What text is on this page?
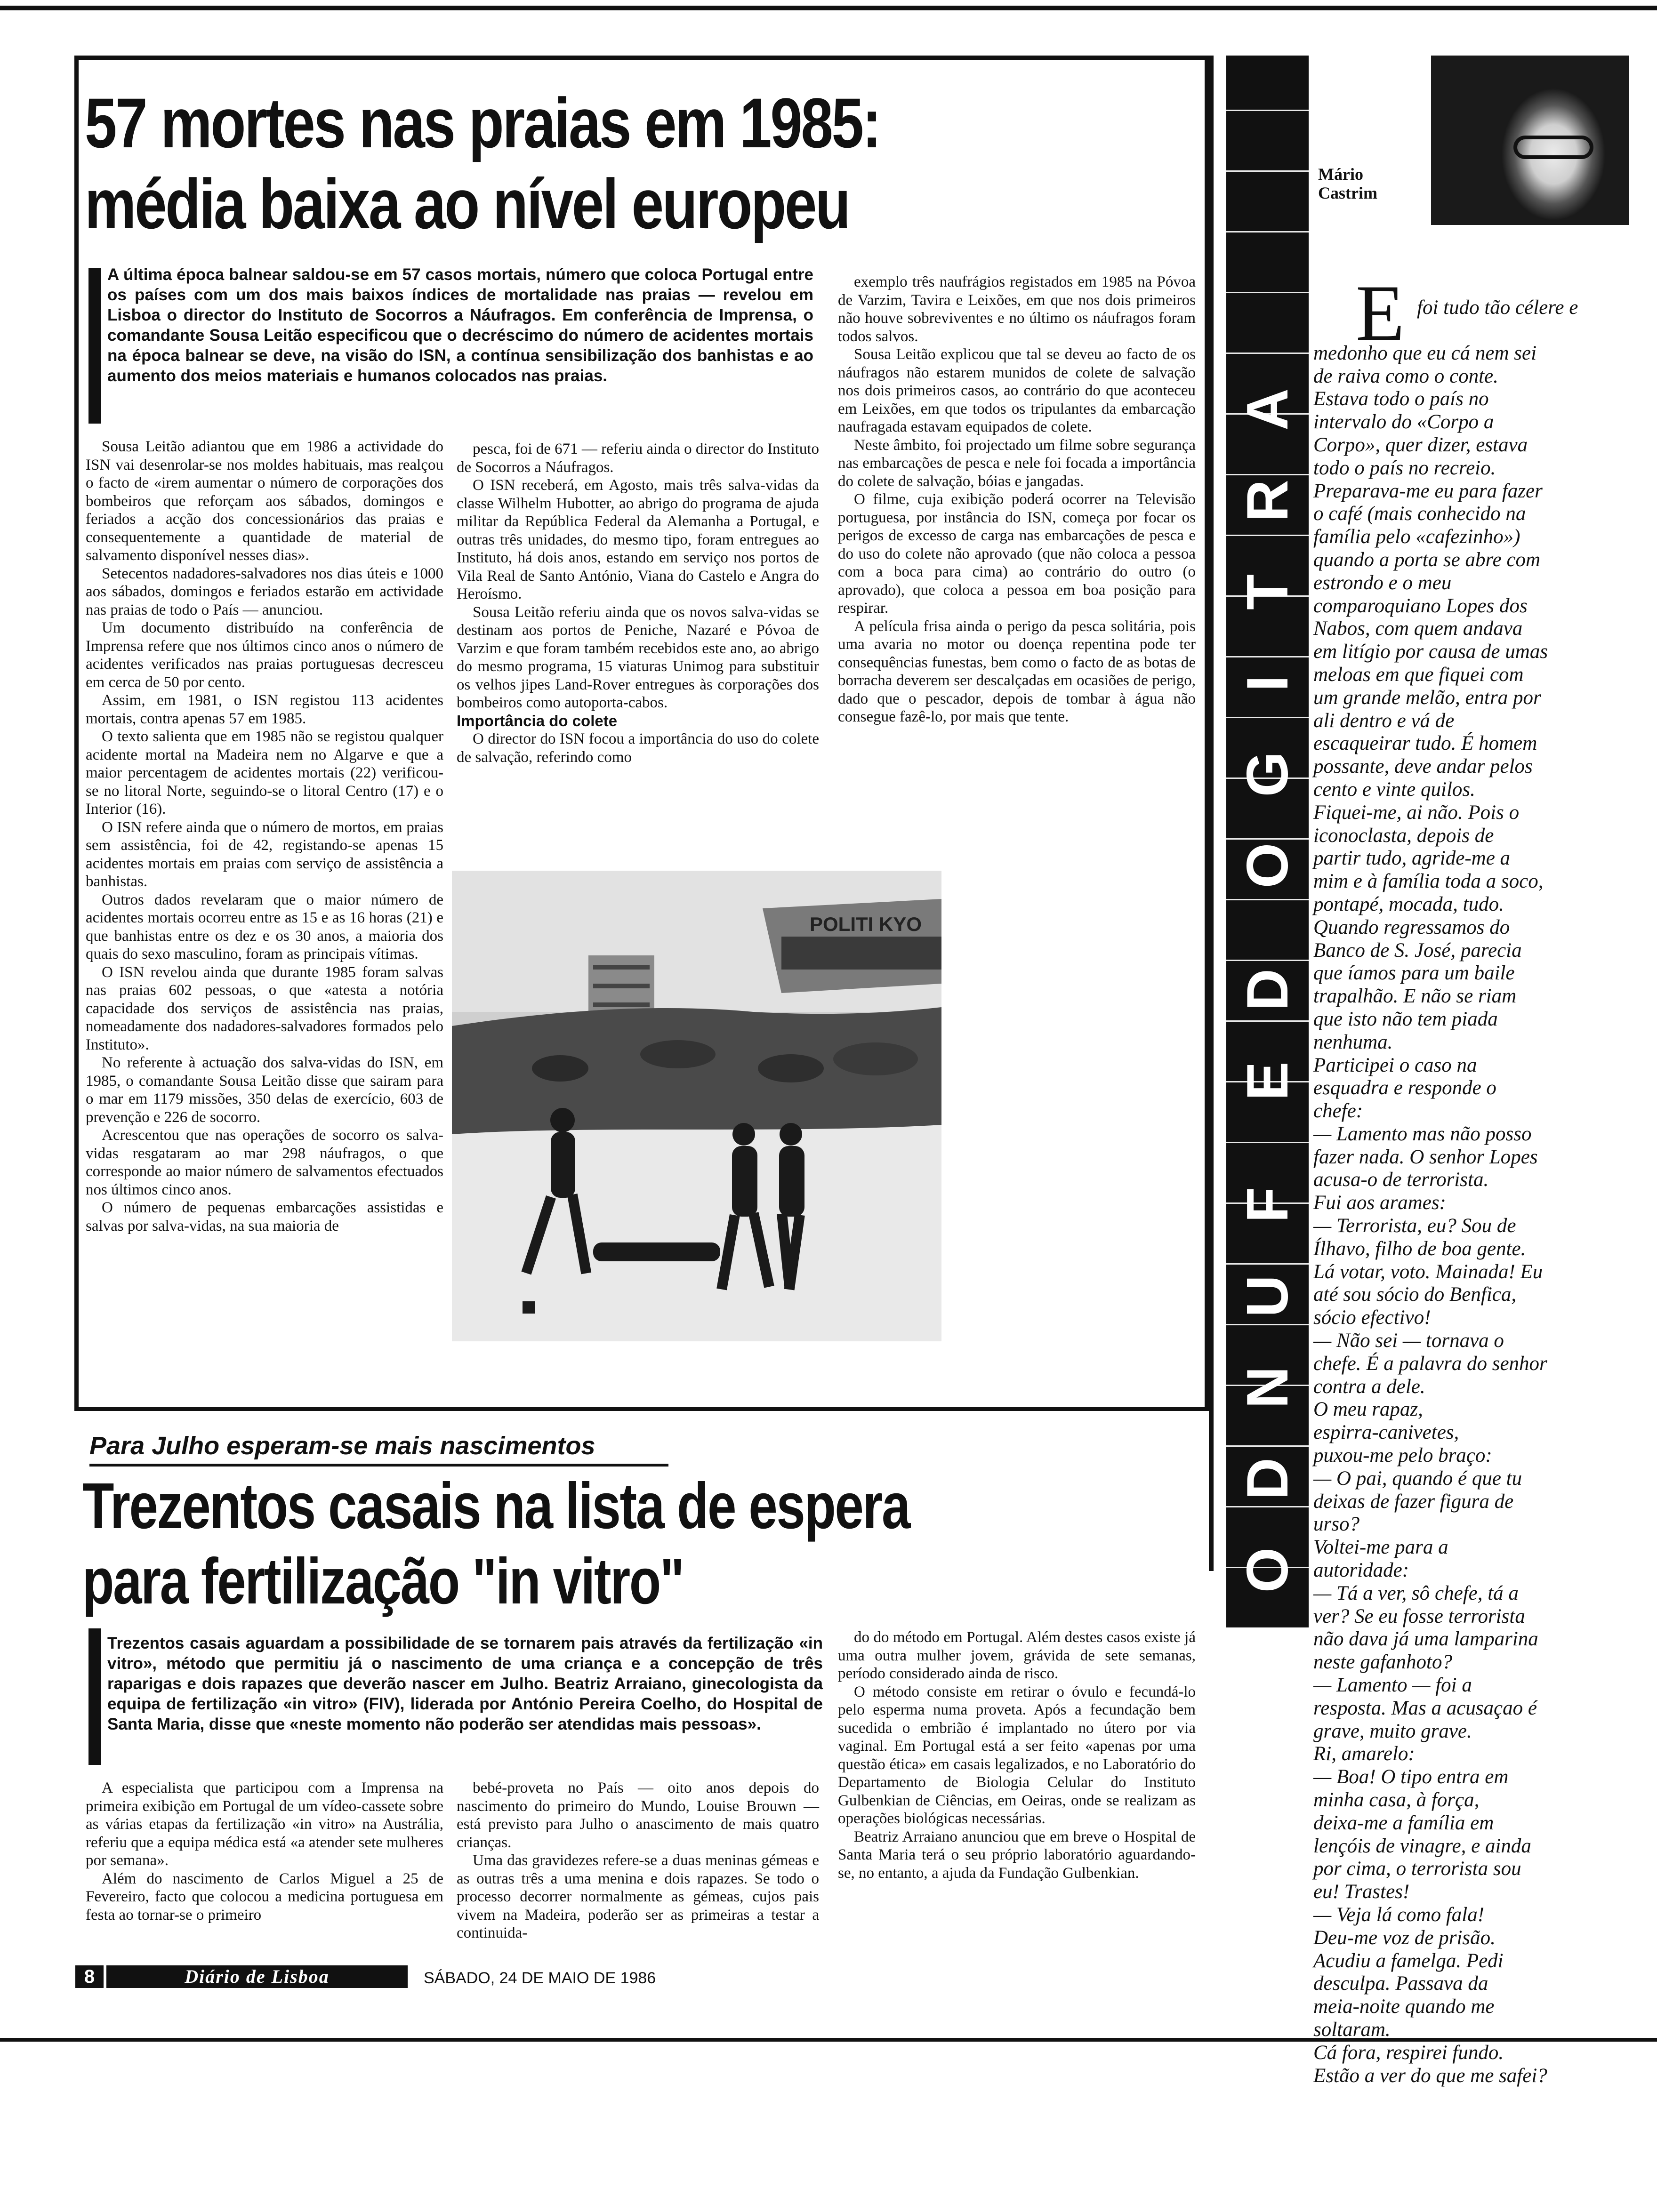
57 mortes nas praias em 1985:
média baixa ao nível europeu
A última época balnear saldou-se em 57 casos mortais, número que coloca Portugal entre os países com um dos mais baixos índices de mortalidade nas praias — revelou em Lisboa o director do Instituto de Socorros a Náufragos. Em conferência de Imprensa, o comandante Sousa Leitão especificou que o decréscimo do número de acidentes mortais na época balnear se deve, na visão do ISN, a contínua sensibilização dos banhistas e ao aumento dos meios materiais e humanos colocados nas praias.

Sousa Leitão adiantou que em 1986 a actividade do ISN vai desenrolar-se nos moldes habituais, mas realçou o facto de «irem aumentar o número de corporações dos bombeiros que reforçam aos sábados, domingos e feriados a acção dos concessionários das praias e consequentemente a quantidade de material de salvamento disponível nesses dias».

Setecentos nadadores-salvadores nos dias úteis e 1000 aos sábados, domingos e feriados estarão em actividade nas praias de todo o País — anunciou.

Um documento distribuído na conferência de Imprensa refere que nos últimos cinco anos o número de acidentes verificados nas praias portuguesas decresceu em cerca de 50 por cento.

Assim, em 1981, o ISN registou 113 acidentes mortais, contra apenas 57 em 1985.

O texto salienta que em 1985 não se registou qualquer acidente mortal na Madeira nem no Algarve e que a maior percentagem de acidentes mortais (22) verificou-se no litoral Norte, seguindo-se o litoral Centro (17) e o Interior (16).

O ISN refere ainda que o número de mortos, em praias sem assistência, foi de 42, registando-se apenas 15 acidentes mortais em praias com serviço de assistência a banhistas.

Outros dados revelaram que o maior número de acidentes mortais ocorreu entre as 15 e as 16 horas (21) e que banhistas entre os dez e os 30 anos, a maioria dos quais do sexo masculino, foram as principais vítimas.

O ISN revelou ainda que durante 1985 foram salvas nas praias 602 pessoas, o que «atesta a notória capacidade dos serviços de assistência nas praias, nomeadamente dos nadadores-salvadores formados pelo Instituto».

No referente à actuação dos salva-vidas do ISN, em 1985, o comandante Sousa Leitão disse que sairam para o mar em 1179 missões, 350 delas de exercício, 603 de prevenção e 226 de socorro.

Acrescentou que nas operações de socorro os salva-vidas resgataram ao mar 298 náufragos, o que corresponde ao maior número de salvamentos efectuados nos últimos cinco anos.

O número de pequenas embarcações assistidas e salvas por salva-vidas, na sua maioria de

pesca, foi de 671 — referiu ainda o director do Instituto de Socorros a Náufragos.

O ISN receberá, em Agosto, mais três salva-vidas da classe Wilhelm Hubotter, ao abrigo do programa de ajuda militar da República Federal da Alemanha a Portugal, e outras três unidades, do mesmo tipo, foram entregues ao Instituto, há dois anos, estando em serviço nos portos de Vila Real de Santo António, Viana do Castelo e Angra do Heroísmo.

Sousa Leitão referiu ainda que os novos salva-vidas se destinam aos portos de Peniche, Nazaré e Póvoa de Varzim e que foram também recebidos este ano, ao abrigo do mesmo programa, 15 viaturas Unimog para substituir os velhos jipes Land-Rover entregues às corporações dos bombeiros como autoporta-cabos.

Importância do colete

O director do ISN focou a importância do uso do colete de salvação, referindo como

exemplo três naufrágios registados em 1985 na Póvoa de Varzim, Tavira e Leixões, em que nos dois primeiros não houve sobreviventes e no último os náufragos foram todos salvos.

Sousa Leitão explicou que tal se deveu ao facto de os náufragos não estarem munidos de colete de salvação nos dois primeiros casos, ao contrário do que aconteceu em Leixões, em que todos os tripulantes da embarcação naufragada estavam equipados de colete.

Neste âmbito, foi projectado um filme sobre segurança nas embarcações de pesca e nele foi focada a importância do colete de salvação, bóias e jangadas.

O filme, cuja exibição poderá ocorrer na Televisão portuguesa, por instância do ISN, começa por focar os perigos de excesso de carga nas embarcações de pesca e do uso do colete não aprovado (que não coloca a pessoa com a boca para cima) ao contrário do outro (o aprovado), que coloca a pessoa em boa posição para respirar.

A película frisa ainda o perigo da pesca solitária, pois uma avaria no motor ou doença repentina pode ter consequências funestas, bem como o facto de as botas de borracha deverem ser descalçadas em ocasiões de perigo, dado que o pescador, depois de tombar à água não consegue fazê-lo, por mais que tente.

POLITI KYO
Para Julho esperam-se mais nascimentos
Trezentos casais na lista de espera
para fertilização "in vitro"
Trezentos casais aguardam a possibilidade de se tornarem pais através da fertilização «in vitro», método que permitiu já o nascimento de uma criança e a concepção de três raparigas e dois rapazes que deverão nascer em Julho. Beatriz Arraiano, ginecologista da equipa de fertilização «in vitro» (FIV), liderada por António Pereira Coelho, do Hospital de Santa Maria, disse que «neste momento não poderão ser atendidas mais pessoas».

A especialista que participou com a Imprensa na primeira exibição em Portugal de um vídeo-cassete sobre as várias etapas da fertilização «in vitro» na Austrália, referiu que a equipa médica está «a atender sete mulheres por semana».

Além do nascimento de Carlos Miguel a 25 de Fevereiro, facto que colocou a medicina portuguesa em festa ao tornar-se o primeiro

bebé-proveta no País — oito anos depois do nascimento do primeiro do Mundo, Louise Brouwn — está previsto para Julho o anascimento de mais quatro crianças.

Uma das gravidezes refere-se a duas meninas gémeas e as outras três a uma menina e dois rapazes. Se todo o processo decorrer normalmente as gémeas, cujos pais vivem na Madeira, poderão ser as primeiras a testar a continuida-

do do método em Portugal. Além destes casos existe já uma outra mulher jovem, grávida de sete semanas, período considerado ainda de risco.

O método consiste em retirar o óvulo e fecundá-lo pelo esperma numa proveta. Após a fecundação bem sucedida o embrião é implantado no útero por via vaginal. Em Portugal está a ser feito «apenas por uma questão ética» em casais legalizados, e no Laboratório do Departamento de Biologia Celular do Instituto Gulbenkian de Ciências, em Oeiras, onde se realizam as operações biológicas necessárias.

Beatriz Arraiano anunciou que em breve o Hospital de Santa Maria terá o seu próprio laboratório aguardando-se, no entanto, a ajuda da Fundação Gulbenkian.

8	Diário de Lisboa	SÁBADO, 24 DE MAIO DE 1986
A
R
T
I
G
O
D
E
F
U
N
D
O
Mário Castrim
E foi tudo tão célere e
medonho que eu cá nem sei
de raiva como o conte.
Estava todo o país no
intervalo do «Corpo a
Corpo», quer dizer, estava
todo o país no recreio.
Preparava-me eu para fazer
o café (mais conhecido na
família pelo «cafezinho»)
quando a porta se abre com
estrondo e o meu
comparoquiano Lopes dos
Nabos, com quem andava
em litígio por causa de umas
meloas em que fiquei com
um grande melão, entra por
ali dentro e vá de
escaqueirar tudo. É homem
possante, deve andar pelos
cento e vinte quilos.
Fiquei-me, ai não. Pois o
iconoclasta, depois de
partir tudo, agride-me a
mim e à família toda a soco,
pontapé, mocada, tudo.
Quando regressamos do
Banco de S. José, parecia
que íamos para um baile
trapalhão. E não se riam
que isto não tem piada
nenhuma.
Participei o caso na
esquadra e responde o
chefe:
— Lamento mas não posso
fazer nada. O senhor Lopes
acusa-o de terrorista.
Fui aos arames:
— Terrorista, eu? Sou de
Ílhavo, filho de boa gente.
Lá votar, voto. Mainada! Eu
até sou sócio do Benfica,
sócio efectivo!
— Não sei — tornava o
chefe. É a palavra do senhor
contra a dele.
O meu rapaz,
espirra-canivetes,
puxou-me pelo braço:
— O pai, quando é que tu
deixas de fazer figura de
urso?
Voltei-me para a
autoridade:
— Tá a ver, sô chefe, tá a
ver? Se eu fosse terrorista
não dava já uma lamparina
neste gafanhoto?
— Lamento — foi a
resposta. Mas a acusaçao é
grave, muito grave.
Ri, amarelo:
— Boa! O tipo entra em
minha casa, à força,
deixa-me a família em
lençóis de vinagre, e ainda
por cima, o terrorista sou
eu! Trastes!
— Veja lá como fala!
Deu-me voz de prisão.
Acudiu a famelga. Pedi
desculpa. Passava da
meia-noite quando me
soltaram.
Cá fora, respirei fundo.
Estão a ver do que me safei?
